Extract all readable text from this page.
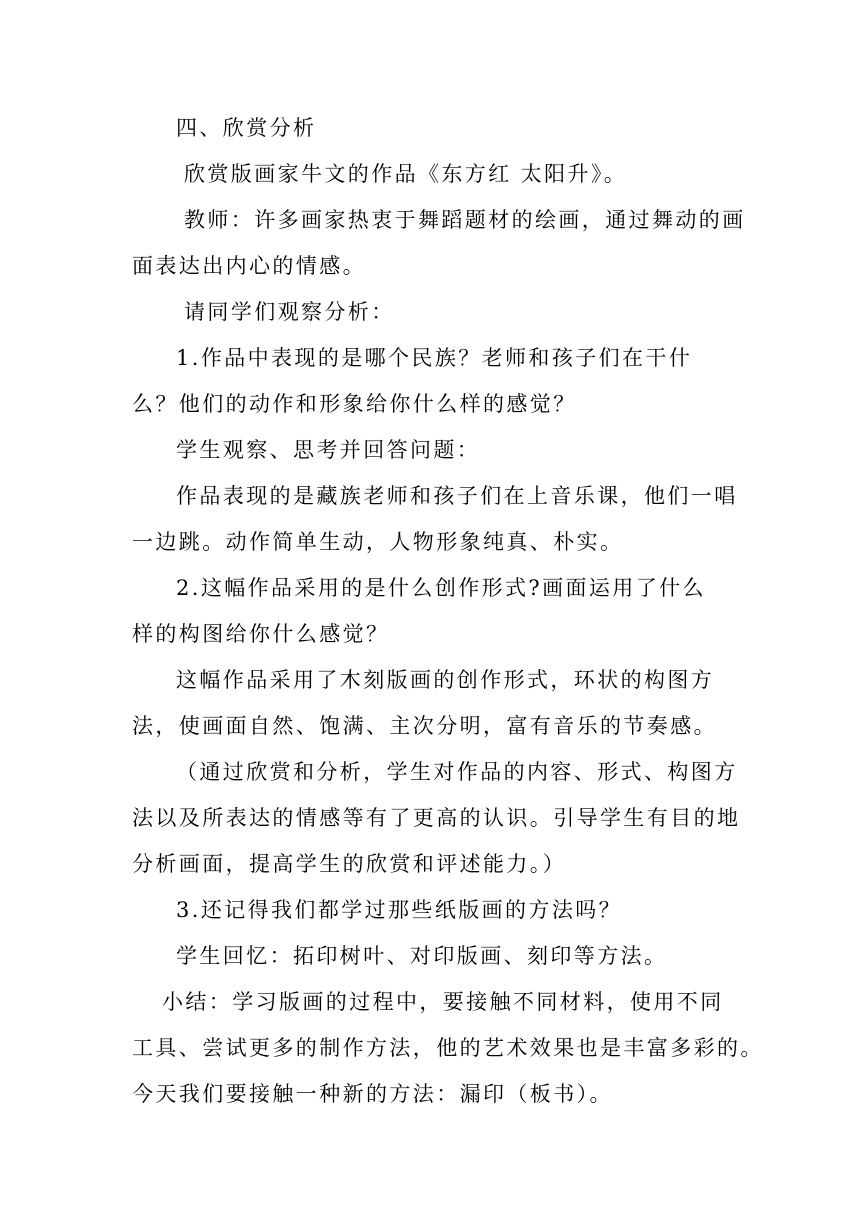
四、欣赏分析
欣赏版画家牛文的作品《东方红 太阳升》。
教师：许多画家热衷于舞蹈题材的绘画，通过舞动的画
面表达出内心的情感。
请同学们观察分析：
1.作品中表现的是哪个民族？老师和孩子们在干什
么？他们的动作和形象给你什么样的感觉？
学生观察、思考并回答问题：
作品表现的是藏族老师和孩子们在上音乐课，他们一唱
一边跳。动作简单生动，人物形象纯真、朴实。
2.这幅作品采用的是什么创作形式?画面运用了什么
样的构图给你什么感觉？
这幅作品采用了木刻版画的创作形式，环状的构图方
法，使画面自然、饱满、主次分明，富有音乐的节奏感。
（通过欣赏和分析，学生对作品的内容、形式、构图方
法以及所表达的情感等有了更高的认识。引导学生有目的地
分析画面，提高学生的欣赏和评述能力。）
3.还记得我们都学过那些纸版画的方法吗？
学生回忆：拓印树叶、对印版画、刻印等方法。
小结：学习版画的过程中，要接触不同材料，使用不同
工具、尝试更多的制作方法，他的艺术效果也是丰富多彩的。
今天我们要接触一种新的方法：漏印（板书）。
